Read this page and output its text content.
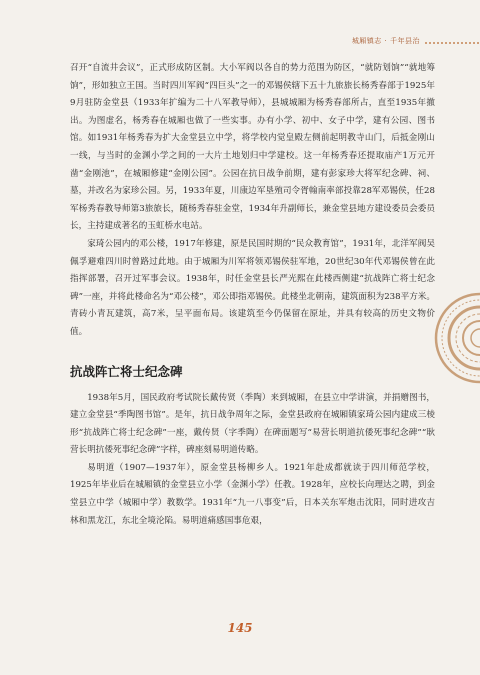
城厢镇志 · 千年县治

召开“自流井会议”，正式形成防区制。大小军阀以各自的势力范围为防区，“就防划饷”“就地筹饷”，形如独立王国。当时四川军阀“四巨头”之一的邓锡侯辖下五十九旅旅长杨秀春部于1925年9月驻防金堂县（1933年扩编为二十八军教导师），县城城厢为杨秀春部所占，直至1935年撤出。为图虚名，杨秀春在城厢也做了一些实事。办有小学、初中、女子中学，建有公园、图书馆。如1931年杨秀春为扩大金堂县立中学，将学校内觉皇殿左侧前起明教寺山门，后抵金刚山一线，与当时的金渊小学之间的一大片土地划归中学建校。这一年杨秀春还提取庙产1万元开凿“金刚池”，在城厢修建“金刚公园”。公园在抗日战争前期，建有彭家珍大将军纪念碑、祠、墓，并改名为家珍公园。另，1933年夏，川康边军垦殖司令胥翰南率部投靠28军邓锡侯，任28军杨秀春教导师第3旅旅长，随杨秀春驻金堂，1934年升副师长，兼金堂县地方建设委员会委员长，主持建成著名的玉虹桥水电站。

家琦公园内的邓公楼，1917年修建，原是民国时期的“民众教育馆”，1931年，北洋军阀吴佩孚避难四川时曾路过此地。由于城厢为川军将领邓锡侯驻军地，20世纪30年代邓锡侯曾在此指挥部署，召开过军事会议。1938年，时任金堂县长严光熙在此楼西侧建“抗战阵亡将士纪念碑”一座，并将此楼命名为“邓公楼”，邓公即指邓锡侯。此楼坐北朝南，建筑面积为238平方米。青砖小青瓦建筑，高7米，呈平面布局。该建筑至今仍保留在原址，并具有较高的历史文物价值。

抗战阵亡将士纪念碑

1938年5月，国民政府考试院长戴传贤（季陶）来到城厢，在县立中学讲演，并捐赠图书，建立金堂县“季陶图书馆”。是年，抗日战争周年之际，金堂县政府在城厢镇家琦公园内建成三棱形“抗战阵亡将士纪念碑”一座，戴传贤（字季陶）在碑面题写“易营长明道抗倭死事纪念碑”“耿营长明抗倭死事纪念碑”字样，碑座刻易明道传略。

易明道（1907—1937年），原金堂县杨柳乡人。1921年赴成都就读于四川师范学校，1925年毕业后在城厢镇的金堂县立小学（金渊小学）任教。1928年，应校长向理达之聘，到金堂县立中学（城厢中学）教数学。1931年“九一八事变”后，日本关东军炮击沈阳，同时进攻吉林和黑龙江，东北全境沦陷。易明道痛感国事危艰，

145
